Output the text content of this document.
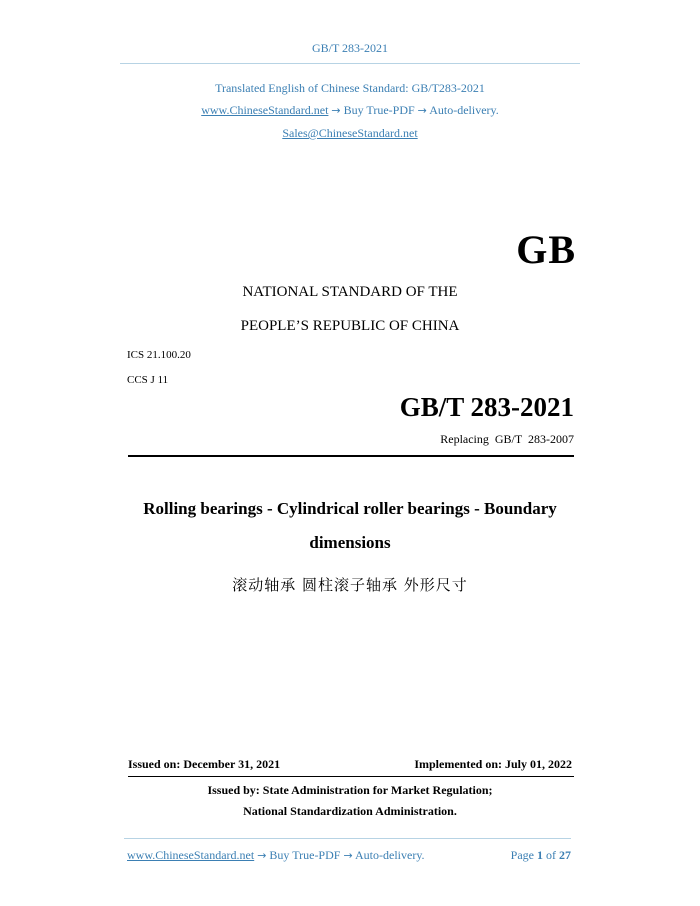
GB/T 283-2021
Translated English of Chinese Standard: GB/T283-2021
www.ChineseStandard.net → Buy True-PDF → Auto-delivery.
Sales@ChineseStandard.net
GB
NATIONAL STANDARD OF THE
PEOPLE’S REPUBLIC OF CHINA
ICS 21.100.20
CCS J 11
GB/T 283-2021
Replacing GB/T 283-2007
Rolling bearings - Cylindrical roller bearings - Boundary dimensions
滚动轴承 圆柱滚子轴承 外形尺寸
Issued on: December 31, 2021	Implemented on: July 01, 2022
Issued by: State Administration for Market Regulation;
National Standardization Administration.
www.ChineseStandard.net → Buy True-PDF → Auto-delivery.	Page 1 of 27
